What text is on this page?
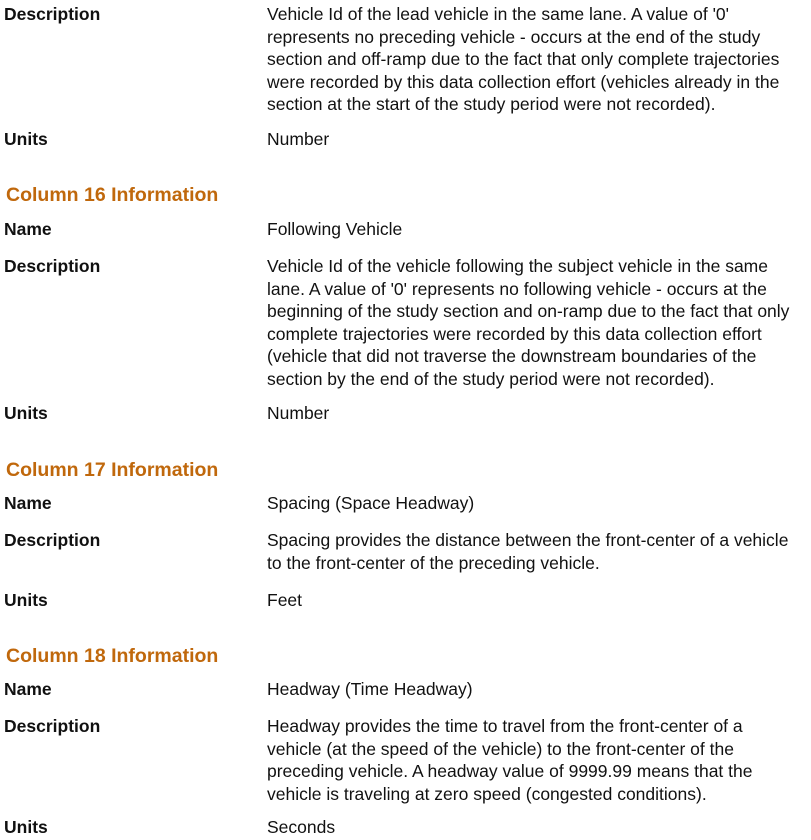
Description	Vehicle Id of the lead vehicle in the same lane. A value of '0'
represents no preceding vehicle - occurs at the end of the study
section and off-ramp due to the fact that only complete trajectories
were recorded by this data collection effort (vehicles already in the
section at the start of the study period were not recorded).
Units	Number
Column 16 Information
Name	Following Vehicle
Description	Vehicle Id of the vehicle following the subject vehicle in the same
lane. A value of '0' represents no following vehicle - occurs at the
beginning of the study section and on-ramp due to the fact that only
complete trajectories were recorded by this data collection effort
(vehicle that did not traverse the downstream boundaries of the
section by the end of the study period were not recorded).
Units	Number
Column 17 Information
Name	Spacing (Space Headway)
Description	Spacing provides the distance between the front-center of a vehicle
to the front-center of the preceding vehicle.
Units	Feet
Column 18 Information
Name	Headway (Time Headway)
Description	Headway provides the time to travel from the front-center of a
vehicle (at the speed of the vehicle) to the front-center of the
preceding vehicle. A headway value of 9999.99 means that the
vehicle is traveling at zero speed (congested conditions).
Units	Seconds
